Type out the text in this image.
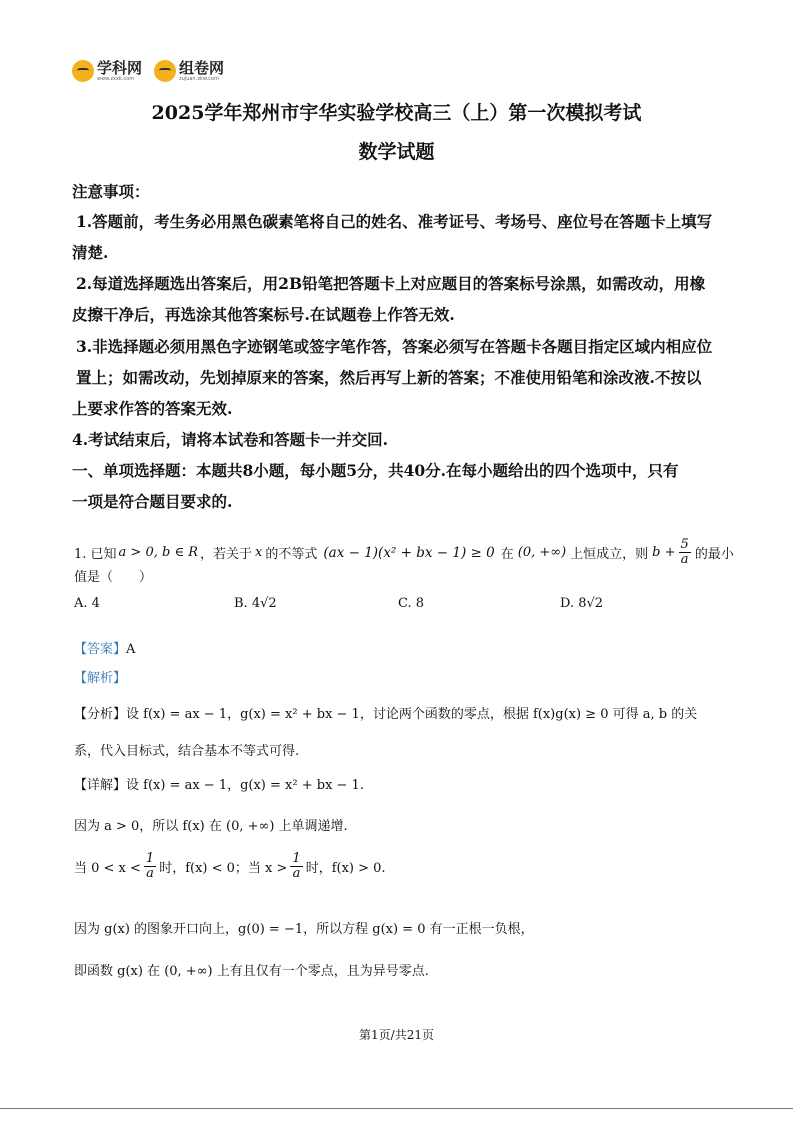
学科网
www.zxxk.com
组卷网
zujuan.xkw.com
2025学年郑州市宇华实验学校高三（上）第一次模拟考试
数学试题
注意事项：
1.答题前，考生务必用黑色碳素笔将自己的姓名、准考证号、考场号、座位号在答题卡上填写
清楚.
2.每道选择题选出答案后，用2B铅笔把答题卡上对应题目的答案标号涂黑，如需改动，用橡
皮擦干净后，再选涂其他答案标号.在试题卷上作答无效.
3.非选择题必须用黑色字迹钢笔或签字笔作答，答案必须写在答题卡各题目指定区域内相应位
置上；如需改动，先划掉原来的答案，然后再写上新的答案；不准使用铅笔和涂改液.不按以
上要求作答的答案无效.
4.考试结束后，请将本试卷和答题卡一并交回.
一、单项选择题：本题共8小题，每小题5分，共40分.在每小题给出的四个选项中，只有
一项是符合题目要求的.
1. 已知 a > 0, b ∈ R ，若关于 x 的不等式 (ax − 1)(x² + bx − 1) ≥ 0 在 (0, +∞) 上恒成立，则 $b + \frac{5}{a}$ 的最小
值是（　　）
A. 4	B. 4√2	C. 8	D. 8√2
【答案】A
【解析】
【分析】设 f(x) = ax − 1，g(x) = x² + bx − 1，讨论两个函数的零点，根据 f(x)g(x) ≥ 0 可得 a, b 的关
系，代入目标式，结合基本不等式可得.
【详解】设 f(x) = ax − 1，g(x) = x² + bx − 1.
因为 a > 0，所以 f(x) 在 (0, +∞) 上单调递增.
当 $0 < x < \frac{1}{a}$ 时，f(x) < 0；当 $x > \frac{1}{a}$ 时，f(x) > 0.
因为 g(x) 的图象开口向上，g(0) = −1，所以方程 g(x) = 0 有一正根一负根，
即函数 g(x) 在 (0, +∞) 上有且仅有一个零点，且为异号零点.
第1页/共21页
